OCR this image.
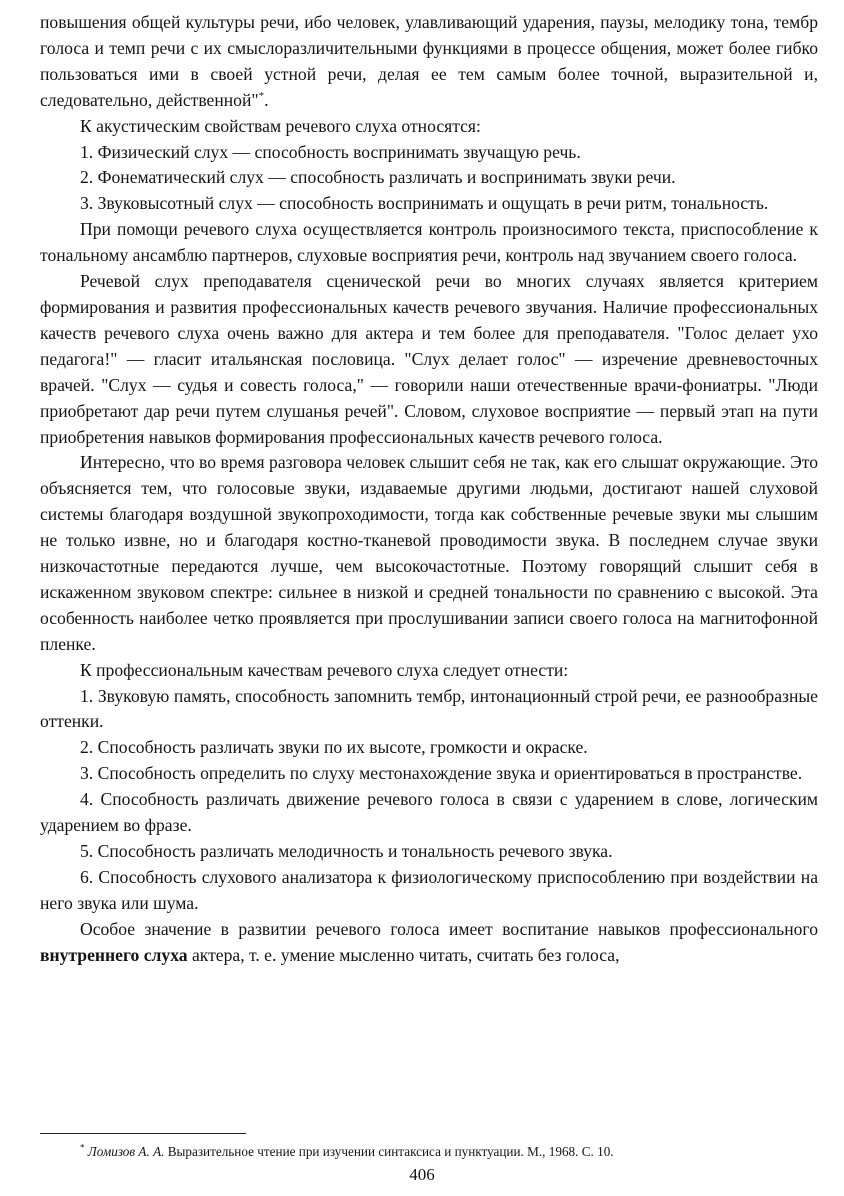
повышения общей культуры речи, ибо человек, улавливающий ударения, паузы, мелодику тона, тембр голоса и темп речи с их смыслоразличительными функциями в процессе общения, может более гибко пользоваться ими в своей устной речи, делая ее тем самым более точной, выразительной и, следовательно, действенной"*.

К акустическим свойствам речевого слуха относятся:

1. Физический слух — способность воспринимать звучащую речь.

2. Фонематический слух — способность различать и воспринимать звуки речи.

3. Звуковысотный слух — способность воспринимать и ощущать в речи ритм, тональность.

При помощи речевого слуха осуществляется контроль произносимого текста, приспособление к тональному ансамблю партнеров, слуховые восприятия речи, контроль над звучанием своего голоса.

Речевой слух преподавателя сценической речи во многих случаях является критерием формирования и развития профессиональных качеств речевого звучания. Наличие профессиональных качеств речевого слуха очень важно для актера и тем более для преподавателя. "Голос делает ухо педагога!" — гласит итальянская пословица. "Слух делает голос" — изречение древневосточных врачей. "Слух — судья и совесть голоса," — говорили наши отечественные врачи-фониатры. "Люди приобретают дар речи путем слушанья речей". Словом, слуховое восприятие — первый этап на пути приобретения навыков формирования профессиональных качеств речевого голоса.

Интересно, что во время разговора человек слышит себя не так, как его слышат окружающие. Это объясняется тем, что голосовые звуки, издаваемые другими людьми, достигают нашей слуховой системы благодаря воздушной звукопроходимости, тогда как собственные речевые звуки мы слышим не только извне, но и благодаря костно-тканевой проводимости звука. В последнем случае звуки низкочастотные передаются лучше, чем высокочастотные. Поэтому говорящий слышит себя в искаженном звуковом спектре: сильнее в низкой и средней тональности по сравнению с высокой. Эта особенность наиболее четко проявляется при прослушивании записи своего голоса на магнитофонной пленке.

К профессиональным качествам речевого слуха следует отнести:

1. Звуковую память, способность запомнить тембр, интонационный строй речи, ее разнообразные оттенки.

2. Способность различать звуки по их высоте, громкости и окраске.

3. Способность определить по слуху местонахождение звука и ориентироваться в пространстве.

4. Способность различать движение речевого голоса в связи с ударением в слове, логическим ударением во фразе.

5. Способность различать мелодичность и тональность речевого звука.

6. Способность слухового анализатора к физиологическому приспособлению при воздействии на него звука или шума.

Особое значение в развитии речевого голоса имеет воспитание навыков профессионального внутреннего слуха актера, т. е. умение мысленно читать, считать без голоса,

* Ломизов А. А. Выразительное чтение при изучении синтаксиса и пунктуации. М., 1968. С. 10.
406
